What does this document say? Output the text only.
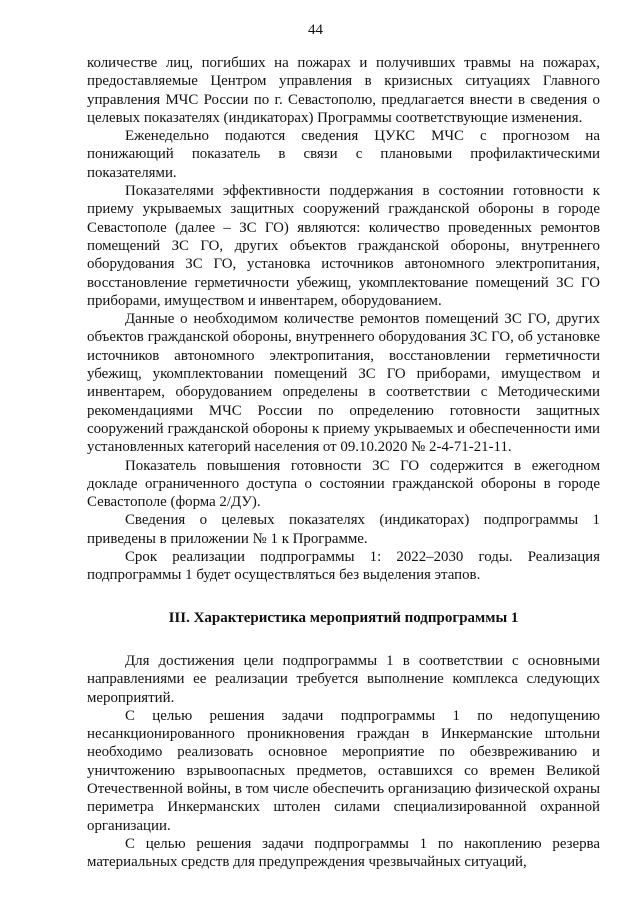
44

количестве лиц, погибших на пожарах и получивших травмы на пожарах, предоставляемые Центром управления в кризисных ситуациях Главного управления МЧС России по г. Севастополю, предлагается внести в сведения о целевых показателях (индикаторах) Программы соответствующие изменения.

Еженедельно подаются сведения ЦУКС МЧС с прогнозом на понижающий показатель в связи с плановыми профилактическими показателями.

Показателями эффективности поддержания в состоянии готовности к приему укрываемых защитных сооружений гражданской обороны в городе Севастополе (далее – ЗС ГО) являются: количество проведенных ремонтов помещений ЗС ГО, других объектов гражданской обороны, внутреннего оборудования ЗС ГО, установка источников автономного электропитания, восстановление герметичности убежищ, укомплектование помещений ЗС ГО приборами, имуществом и инвентарем, оборудованием.

Данные о необходимом количестве ремонтов помещений ЗС ГО, других объектов гражданской обороны, внутреннего оборудования ЗС ГО, об установке источников автономного электропитания, восстановлении герметичности убежищ, укомплектовании помещений ЗС ГО приборами, имуществом и инвентарем, оборудованием определены в соответствии с Методическими рекомендациями МЧС России по определению готовности защитных сооружений гражданской обороны к приему укрываемых и обеспеченности ими установленных категорий населения от 09.10.2020 № 2-4-71-21-11.

Показатель повышения готовности ЗС ГО содержится в ежегодном докладе ограниченного доступа о состоянии гражданской обороны в городе Севастополе (форма 2/ДУ).

Сведения о целевых показателях (индикаторах) подпрограммы 1 приведены в приложении № 1 к Программе.

Срок реализации подпрограммы 1: 2022–2030 годы. Реализация подпрограммы 1 будет осуществляться без выделения этапов.

III. Характеристика мероприятий подпрограммы 1

Для достижения цели подпрограммы 1 в соответствии с основными направлениями ее реализации требуется выполнение комплекса следующих мероприятий.

С целью решения задачи подпрограммы 1 по недопущению несанкционированного проникновения граждан в Инкерманские штольни необходимо реализовать основное мероприятие по обезвреживанию и уничтожению взрывоопасных предметов, оставшихся со времен Великой Отечественной войны, в том числе обеспечить организацию физической охраны периметра Инкерманских штолен силами специализированной охранной организации.

С целью решения задачи подпрограммы 1 по накоплению резерва материальных средств для предупреждения чрезвычайных ситуаций,
